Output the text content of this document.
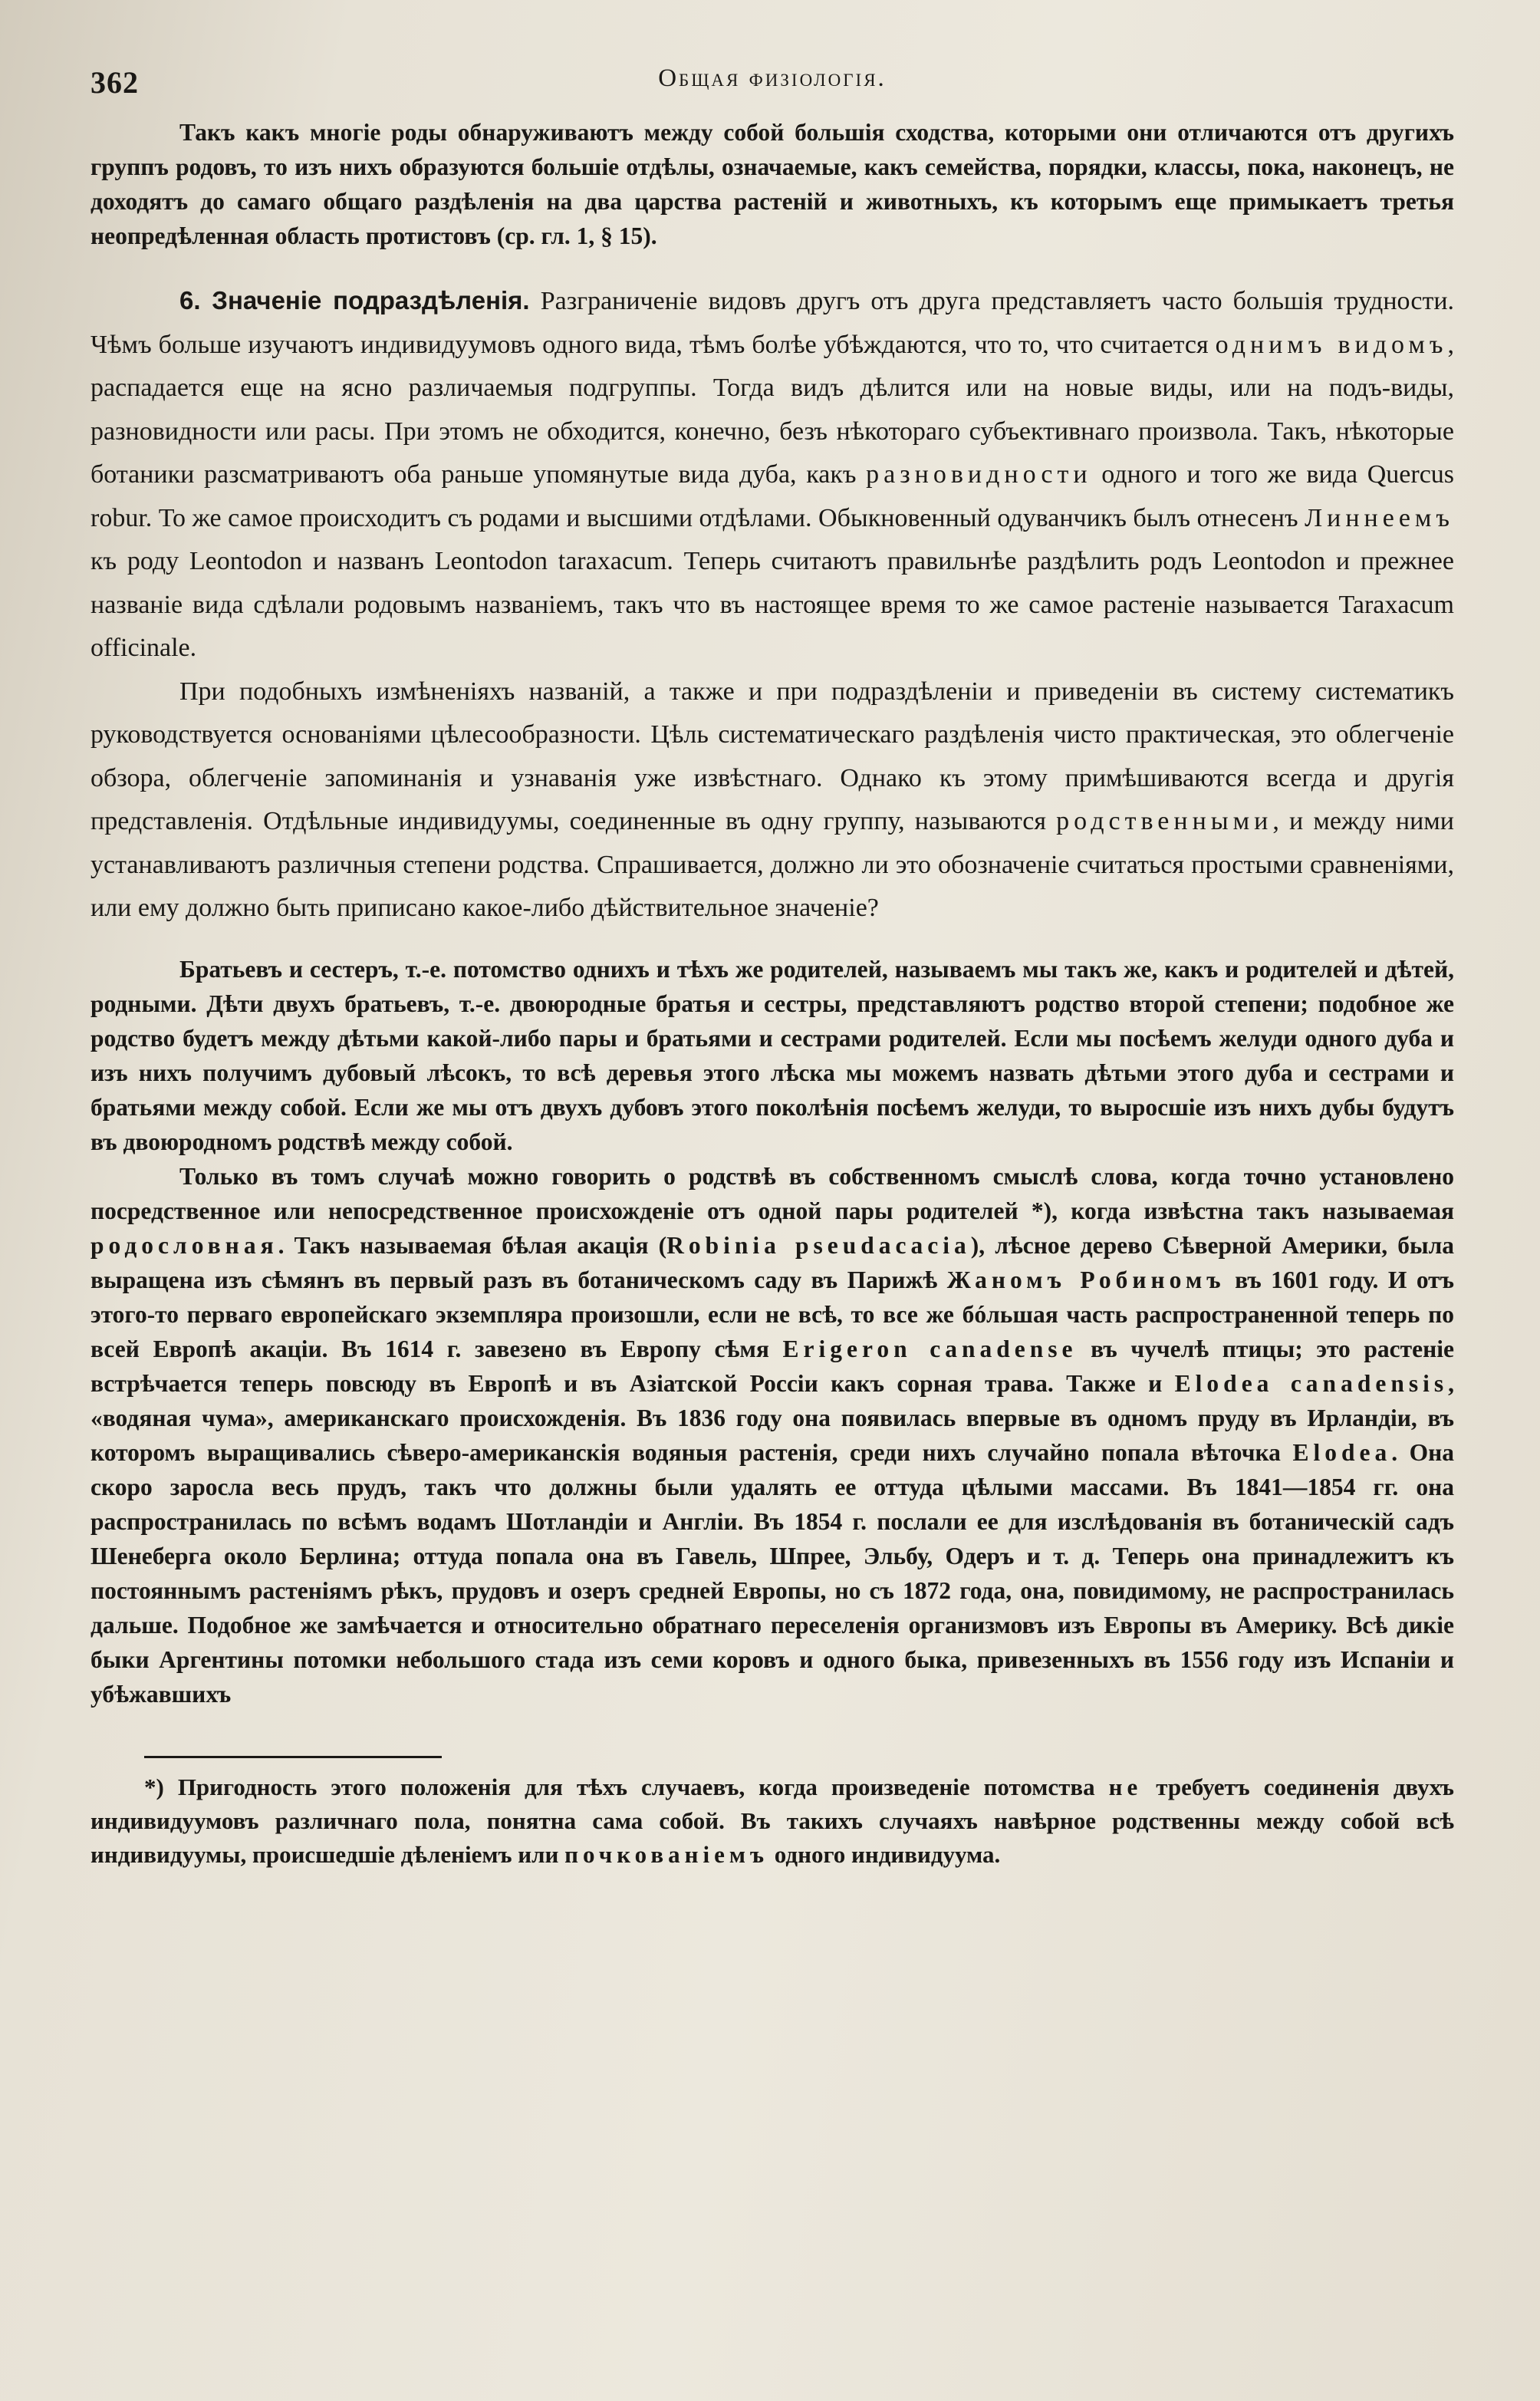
362	Общая физiологiя.

Такъ какъ многiе роды обнаруживаютъ между собой большiя сходства, которыми они отличаются отъ другихъ группъ родовъ, то изъ нихъ образуются большiе отдѣлы, означаемые, какъ семейства, порядки, классы, пока, наконецъ, не доходятъ до самаго общаго раздѣленiя на два царства растенiй и животныхъ, къ которымъ еще примыкаетъ третья неопредѣленная область протистовъ (ср. гл. 1, § 15).

6. Значенiе подраздѣленiя. Разграниченiе видовъ другъ отъ друга представляетъ часто большiя трудности. Чѣмъ больше изучаютъ индивидуумовъ одного вида, тѣмъ болѣе убѣждаются, что то, что считается однимъ видомъ, распадается еще на ясно различаемыя подгруппы. Тогда видъ дѣлится или на новые виды, или на подъ-виды, разновидности или расы. При этомъ не обходится, конечно, безъ нѣкотораго субъективнаго произвола. Такъ, нѣкоторые ботаники разсматриваютъ оба раньше упомянутые вида дуба, какъ разновидности одного и того же вида Quercus robur. То же самое происходитъ съ родами и высшими отдѣлами. Обыкновенный одуванчикъ былъ отнесенъ Линнеемъ къ роду Leontodon и названъ Leontodon taraxacum. Теперь считаютъ правильнѣе раздѣлить родъ Leontodon и прежнее названiе вида сдѣлали родовымъ названiемъ, такъ что въ настоящее время то же самое растенiе называется Taraxacum officinale.

При подобныхъ измѣненiяхъ названiй, а также и при подраздѣленiи и приведенiи въ систему систематикъ руководствуется основанiями цѣлесообразности. Цѣль систематическаго раздѣленiя чисто практическая, это облегченiе обзора, облегченiе запоминанiя и узнаванiя уже извѣстнаго. Однако къ этому примѣшиваются всегда и другiя представленiя. Отдѣльные индивидуумы, соединенные въ одну группу, называются родственными, и между ними устанавливаютъ различныя степени родства. Спрашивается, должно ли это обозначенiе считаться простыми сравненiями, или ему должно быть приписано какое-либо дѣйствительное значенiе?

Братьевъ и сестеръ, т.-е. потомство однихъ и тѣхъ же родителей, называемъ мы такъ же, какъ и родителей и дѣтей, родными. Дѣти двухъ братьевъ, т.-е. двоюродные братья и сестры, представляютъ родство второй степени; подобное же родство будетъ между дѣтьми какой-либо пары и братьями и сестрами родителей. Если мы посѣемъ желуди одного дуба и изъ нихъ получимъ дубовый лѣсокъ, то всѣ деревья этого лѣска мы можемъ назвать дѣтьми этого дуба и сестрами и братьями между собой. Если же мы отъ двухъ дубовъ этого поколѣнiя посѣемъ желуди, то выросшiе изъ нихъ дубы будутъ въ двоюродномъ родствѣ между собой.

Только въ томъ случаѣ можно говорить о родствѣ въ собственномъ смыслѣ слова, когда точно установлено посредственное или непосредственное происхожденiе отъ одной пары родителей *), когда извѣстна такъ называемая родословная. Такъ называемая бѣлая акацiя (Robinia pseudacacia), лѣсное дерево Сѣверной Америки, была выращена изъ сѣмянъ въ первый разъ въ ботаническомъ саду въ Парижѣ Жаномъ Робиномъ въ 1601 году. И отъ этого-то перваго европейскаго экземпляра произошли, если не всѣ, то все же бóльшая часть распространенной теперь по всей Европѣ акацiи. Въ 1614 г. завезено въ Европу сѣмя Erigeron canadense въ чучелѣ птицы; это растенiе встрѣчается теперь повсюду въ Европѣ и въ Азiатской Россiи какъ сорная трава. Также и Elodea canadensis, «водяная чума», американскаго происхожденiя. Въ 1836 году она появилась впервые въ одномъ пруду въ Ирландiи, въ которомъ выращивались сѣверо-американскiя водяныя растенiя, среди нихъ случайно попала вѣточка Elodea. Она скоро заросла весь прудъ, такъ что должны были удалять ее оттуда цѣлыми массами. Въ 1841—1854 гг. она распространилась по всѣмъ водамъ Шотландiи и Англiи. Въ 1854 г. послали ее для изслѣдованiя въ ботаническiй садъ Шенеберга около Берлина; оттуда попала она въ Гавель, Шпрее, Эльбу, Одеръ и т. д. Теперь она принадлежитъ къ постояннымъ растенiямъ рѣкъ, прудовъ и озеръ средней Европы, но съ 1872 года, она, повидимому, не распространилась дальше. Подобное же замѣчается и относительно обратнаго переселенiя организмовъ изъ Европы въ Америку. Всѣ дикiе быки Аргентины потомки небольшого стада изъ семи коровъ и одного быка, привезенныхъ въ 1556 году изъ Испанiи и убѣжавшихъ

*) Пригодность этого положенiя для тѣхъ случаевъ, когда произведенiе потомства не требуетъ соединенiя двухъ индивидуумовъ различнаго пола, понятна сама собой. Въ такихъ случаяхъ навѣрное родственны между собой всѣ индивидуумы, происшедшiе дѣленiемъ или почкованiемъ одного индивидуума.
